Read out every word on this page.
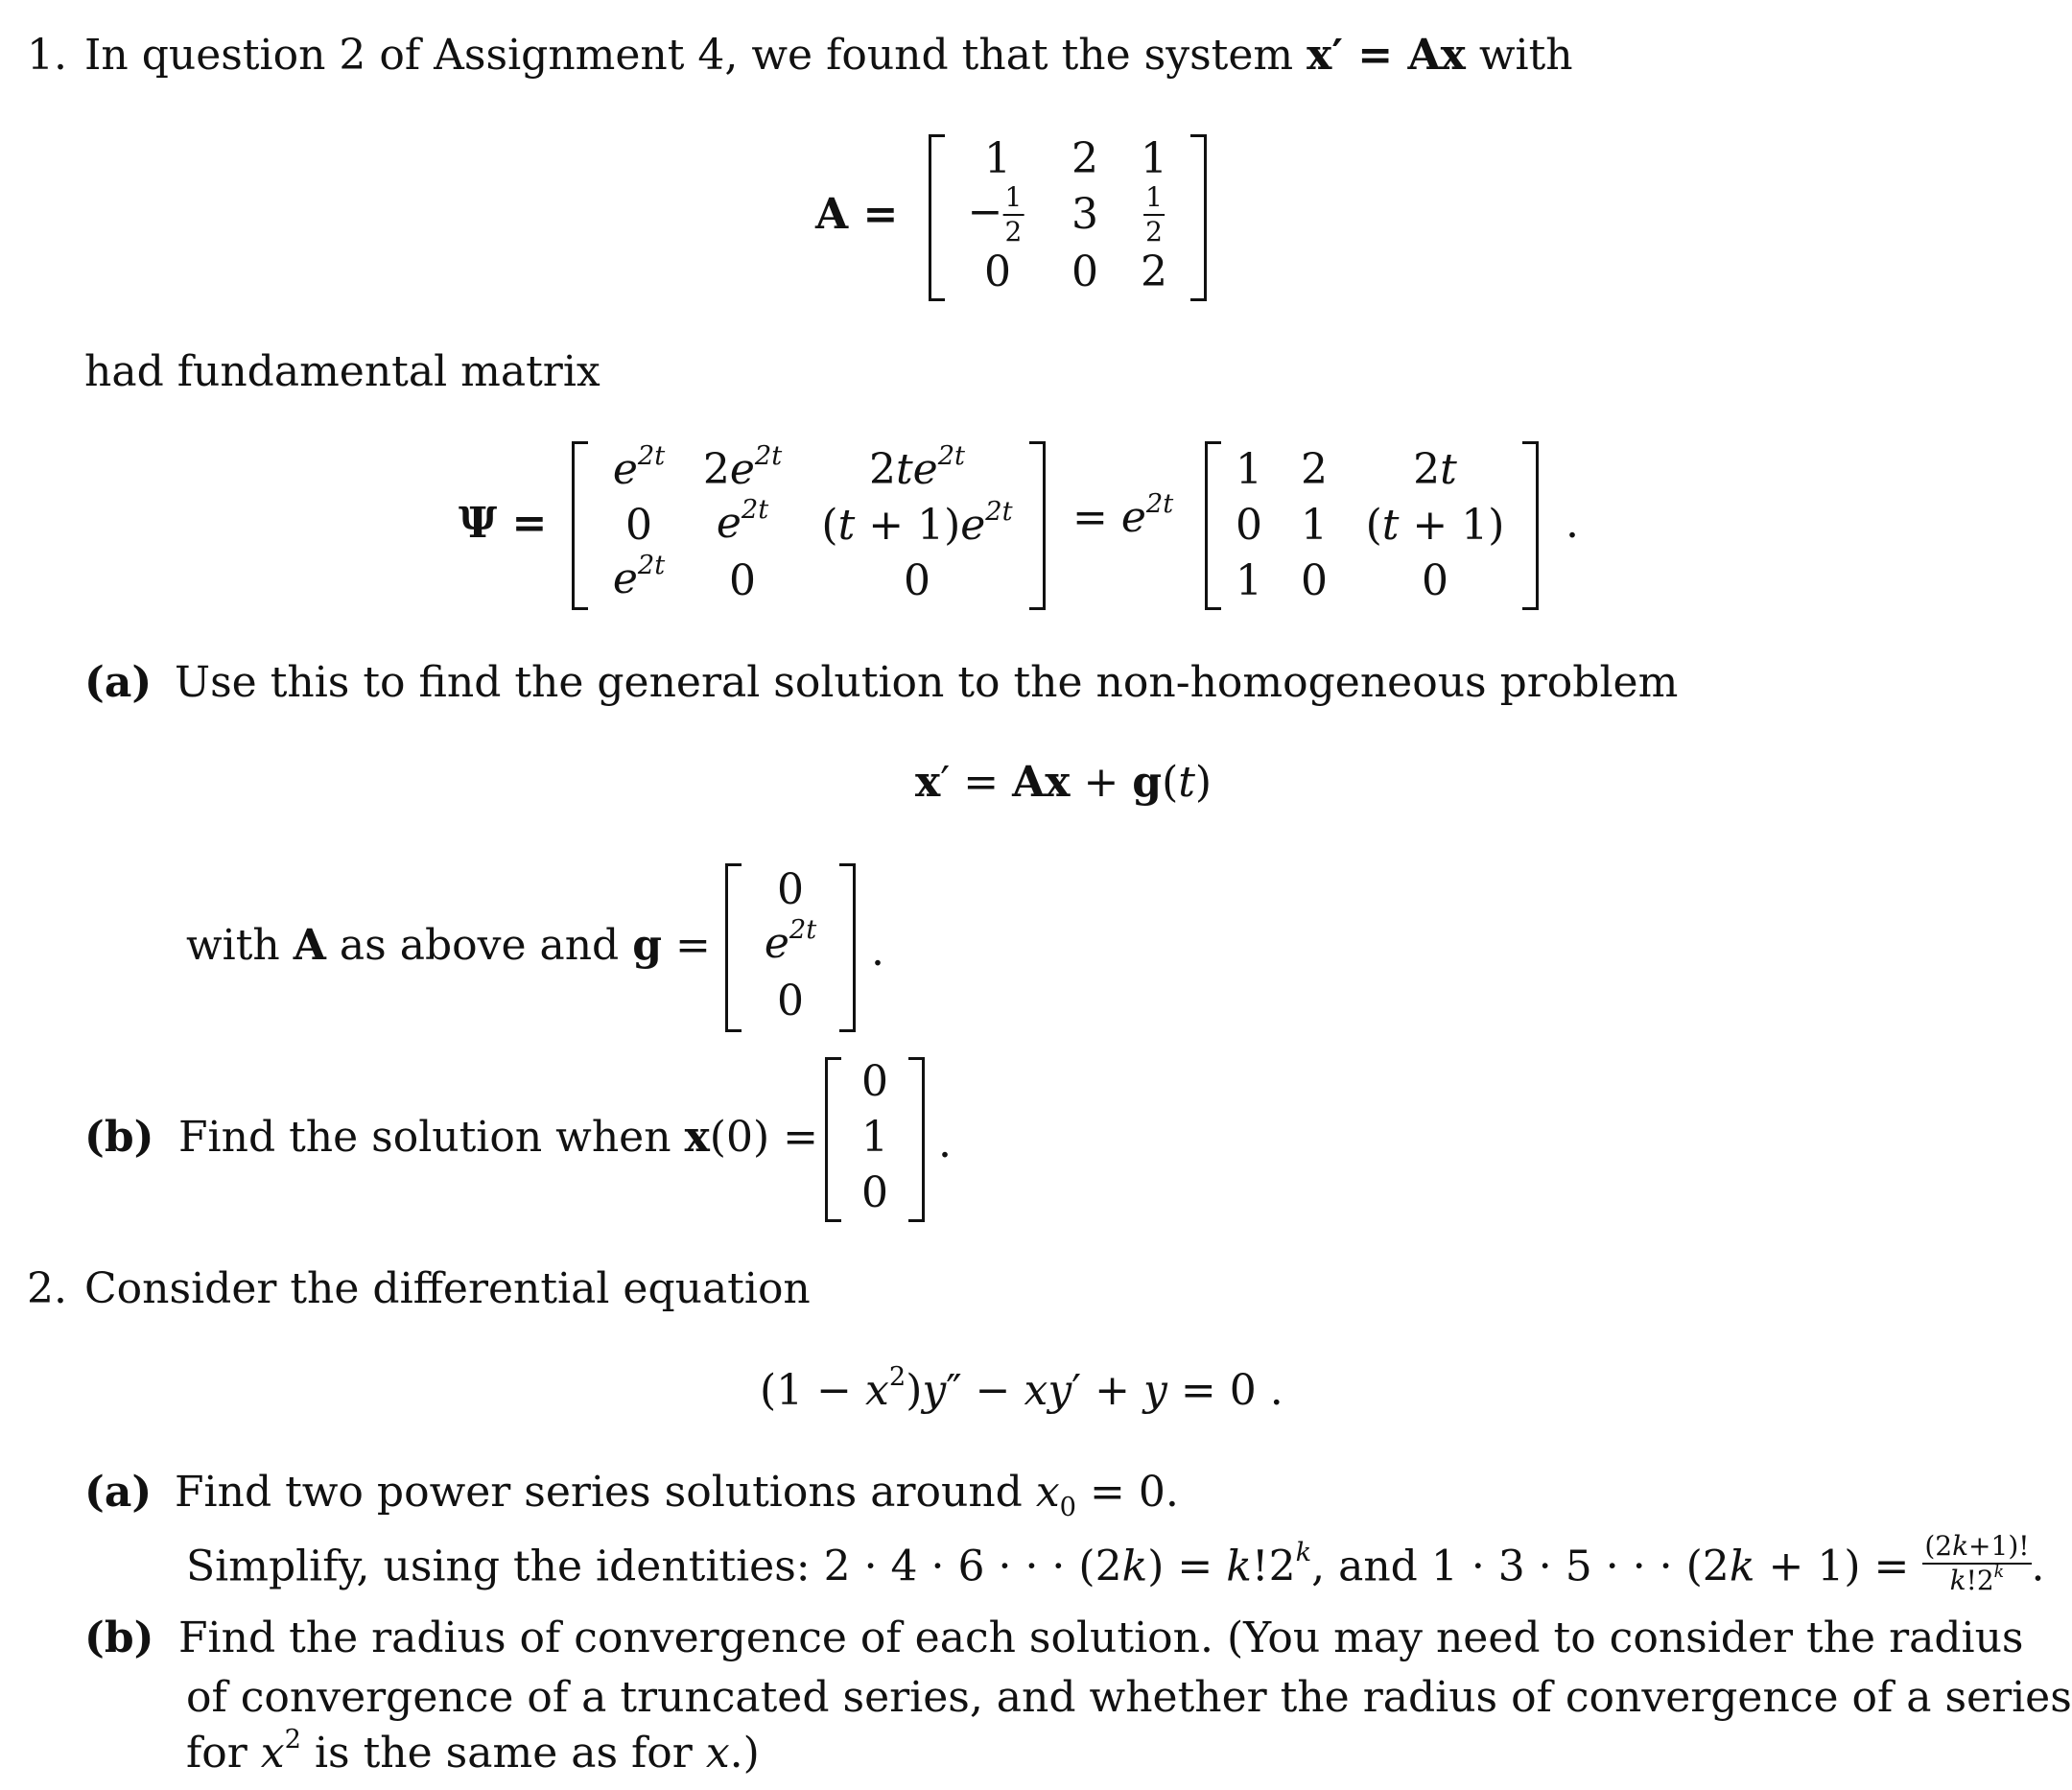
1. In question 2 of Assignment 4, we found that the system x′ = Ax with
A =
1 2 1
− $\frac{1}{2} 3 \frac{1}{2}$
0 0 2
had fundamental matrix
Ψ =
$e^{2t}$ $2e^{2t}$ $2te^{2t}$
0 $e^{2t}$ $(t + 1)e^{2t}$
$e^{2t}$ 0	0
= $e^{2t}$
1 2 2t
0 1 (t + 1)
1 0 0
.
(a) Use this to find the general solution to the non-homogeneous problem
x′ = Ax + g(t)
with A as above and g =
0
$e^{2t}$
0
.
(b) Find the solution when x(0) =
0
1
0
.
2. Consider the differential equation
$(1 - x^2)y'' - xy' + y = 0$ .
(a) Find two power series solutions around $x_0 = 0$.
Simplify, using the identities: 2 · 4 · 6 · · · $(2k) = k!2^k$, and 1 · 3 · 5 · · · $(2k + 1) = \frac{(2k+1)!}{k!2^k}$ .
(b) Find the radius of convergence of each solution. (You may need to consider the radius
of convergence of a truncated series, and whether the radius of convergence of a series
for $x^2$ is the same as for x.)
